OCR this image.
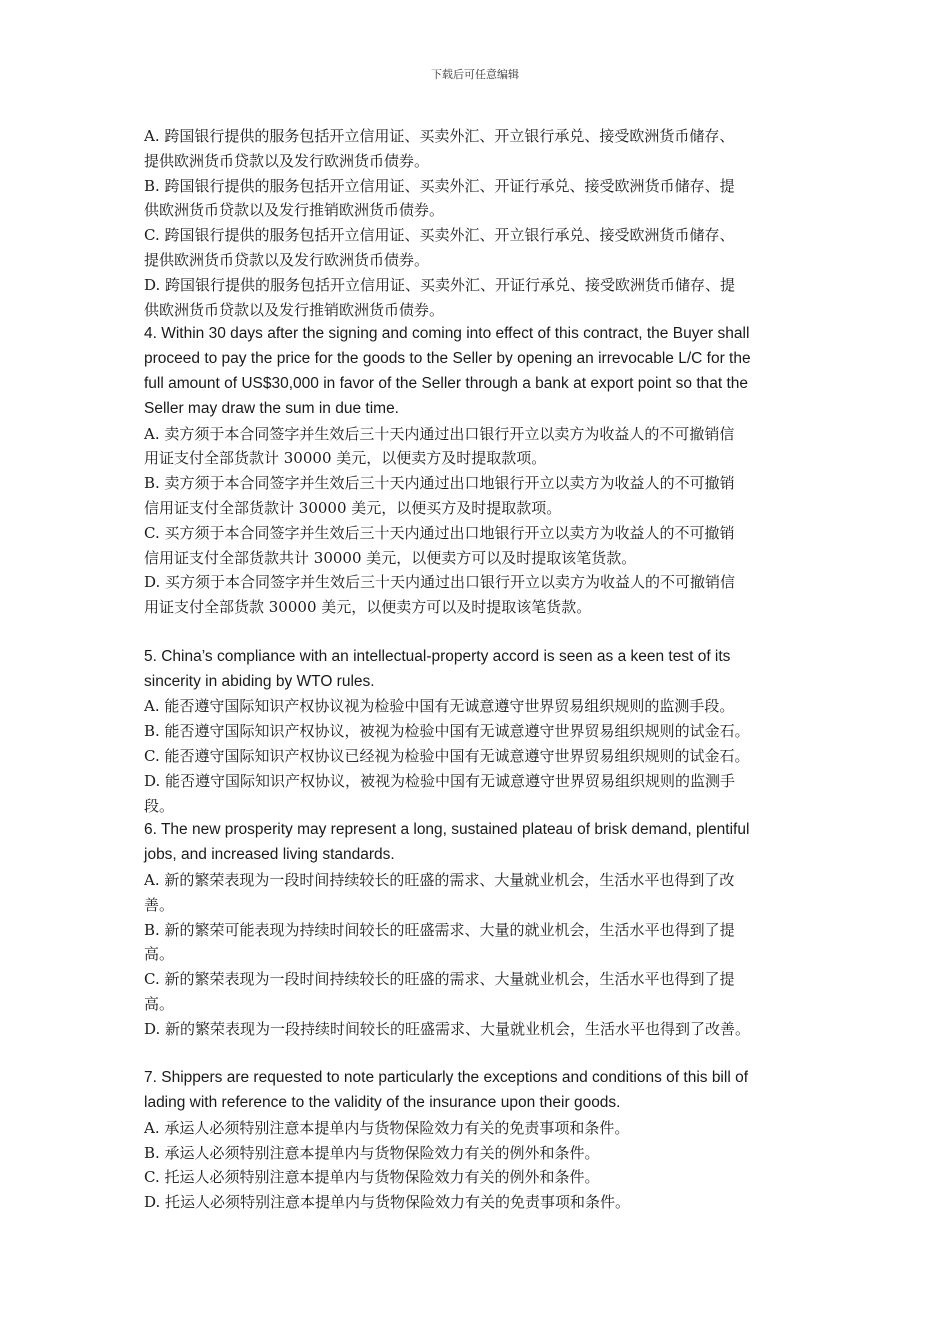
下载后可任意编辑
A. 跨国银行提供的服务包括开立信用证、买卖外汇、开立银行承兑、接受欧洲货币储存、
提供欧洲货币贷款以及发行欧洲货币债券。
B. 跨国银行提供的服务包括开立信用证、买卖外汇、开证行承兑、接受欧洲货币储存、提
供欧洲货币贷款以及发行推销欧洲货币债券。
C. 跨国银行提供的服务包括开立信用证、买卖外汇、开立银行承兑、接受欧洲货币储存、
提供欧洲货币贷款以及发行欧洲货币债券。
D. 跨国银行提供的服务包括开立信用证、买卖外汇、开证行承兑、接受欧洲货币储存、提
供欧洲货币贷款以及发行推销欧洲货币债券。
4. Within 30 days after the signing and coming into effect of this contract, the Buyer shall
proceed to pay the price for the goods to the Seller by opening an irrevocable L/C for the
full amount of US$30,000 in favor of the Seller through a bank at export point so that the
Seller may draw the sum in due time.
A. 卖方须于本合同签字并生效后三十天内通过出口银行开立以卖方为收益人的不可撤销信
用证支付全部货款计 30000 美元，以便卖方及时提取款项。
B. 卖方须于本合同签字并生效后三十天内通过出口地银行开立以卖方为收益人的不可撤销
信用证支付全部货款计 30000 美元，以便买方及时提取款项。
C. 买方须于本合同签字并生效后三十天内通过出口地银行开立以卖方为收益人的不可撤销
信用证支付全部货款共计 30000 美元，以便卖方可以及时提取该笔货款。
D. 买方须于本合同签字并生效后三十天内通过出口银行开立以卖方为收益人的不可撤销信
用证支付全部货款 30000 美元，以便卖方可以及时提取该笔货款。
5. China’s compliance with an intellectual-property accord is seen as a keen test of its
sincerity in abiding by WTO rules.
A. 能否遵守国际知识产权协议视为检验中国有无诚意遵守世界贸易组织规则的监测手段。
B. 能否遵守国际知识产权协议，被视为检验中国有无诚意遵守世界贸易组织规则的试金石。
C. 能否遵守国际知识产权协议已经视为检验中国有无诚意遵守世界贸易组织规则的试金石。
D. 能否遵守国际知识产权协议，被视为检验中国有无诚意遵守世界贸易组织规则的监测手
段。
6. The new prosperity may represent a long, sustained plateau of brisk demand, plentiful
jobs, and increased living standards.
A. 新的繁荣表现为一段时间持续较长的旺盛的需求、大量就业机会，生活水平也得到了改
善。
B. 新的繁荣可能表现为持续时间较长的旺盛需求、大量的就业机会，生活水平也得到了提
高。
C. 新的繁荣表现为一段时间持续较长的旺盛的需求、大量就业机会，生活水平也得到了提
高。
D. 新的繁荣表现为一段持续时间较长的旺盛需求、大量就业机会，生活水平也得到了改善。
7. Shippers are requested to note particularly the exceptions and conditions of this bill of
lading with reference to the validity of the insurance upon their goods.
A. 承运人必须特别注意本提单内与货物保险效力有关的免责事项和条件。
B. 承运人必须特别注意本提单内与货物保险效力有关的例外和条件。
C. 托运人必须特别注意本提单内与货物保险效力有关的例外和条件。
D. 托运人必须特别注意本提单内与货物保险效力有关的免责事项和条件。
